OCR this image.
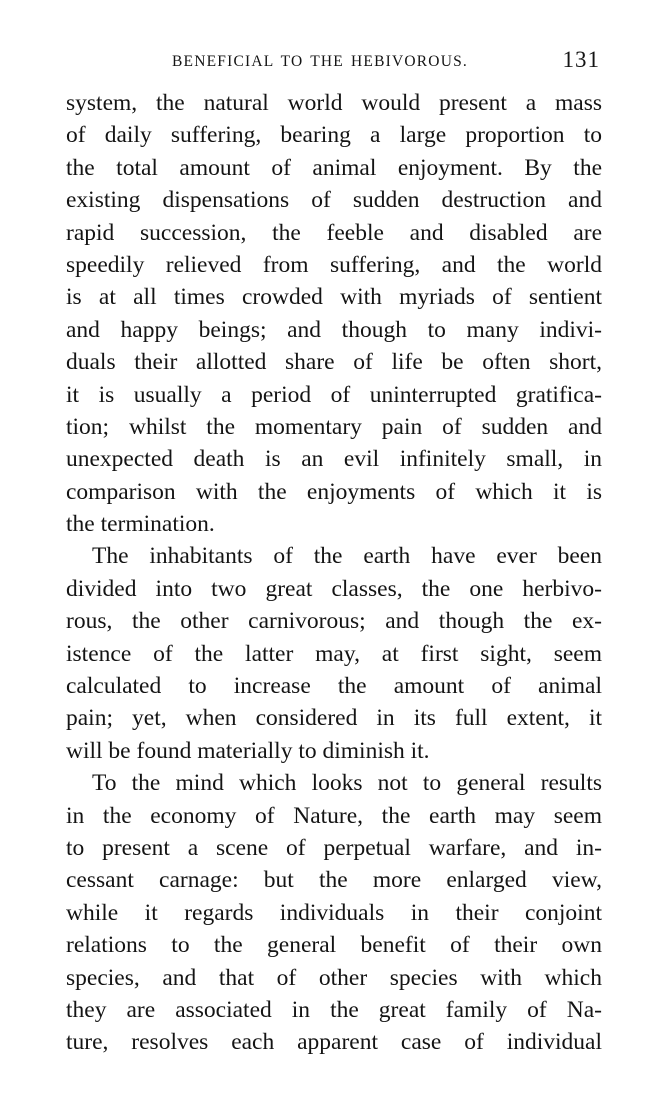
BENEFICIAL TO THE HEBIVOROUS.	131
system, the natural world would present a mass
of daily suffering, bearing a large proportion to
the total amount of animal enjoyment. By the
existing dispensations of sudden destruction and
rapid succession, the feeble and disabled are
speedily relieved from suffering, and the world
is at all times crowded with myriads of sentient
and happy beings; and though to many indivi-
duals their allotted share of life be often short,
it is usually a period of uninterrupted gratifica-
tion; whilst the momentary pain of sudden and
unexpected death is an evil infinitely small, in
comparison with the enjoyments of which it is
the termination.
The inhabitants of the earth have ever been
divided into two great classes, the one herbivo-
rous, the other carnivorous; and though the ex-
istence of the latter may, at first sight, seem
calculated to increase the amount of animal
pain; yet, when considered in its full extent, it
will be found materially to diminish it.
To the mind which looks not to general results
in the economy of Nature, the earth may seem
to present a scene of perpetual warfare, and in-
cessant carnage: but the more enlarged view,
while it regards individuals in their conjoint
relations to the general benefit of their own
species, and that of other species with which
they are associated in the great family of Na-
ture, resolves each apparent case of individual
